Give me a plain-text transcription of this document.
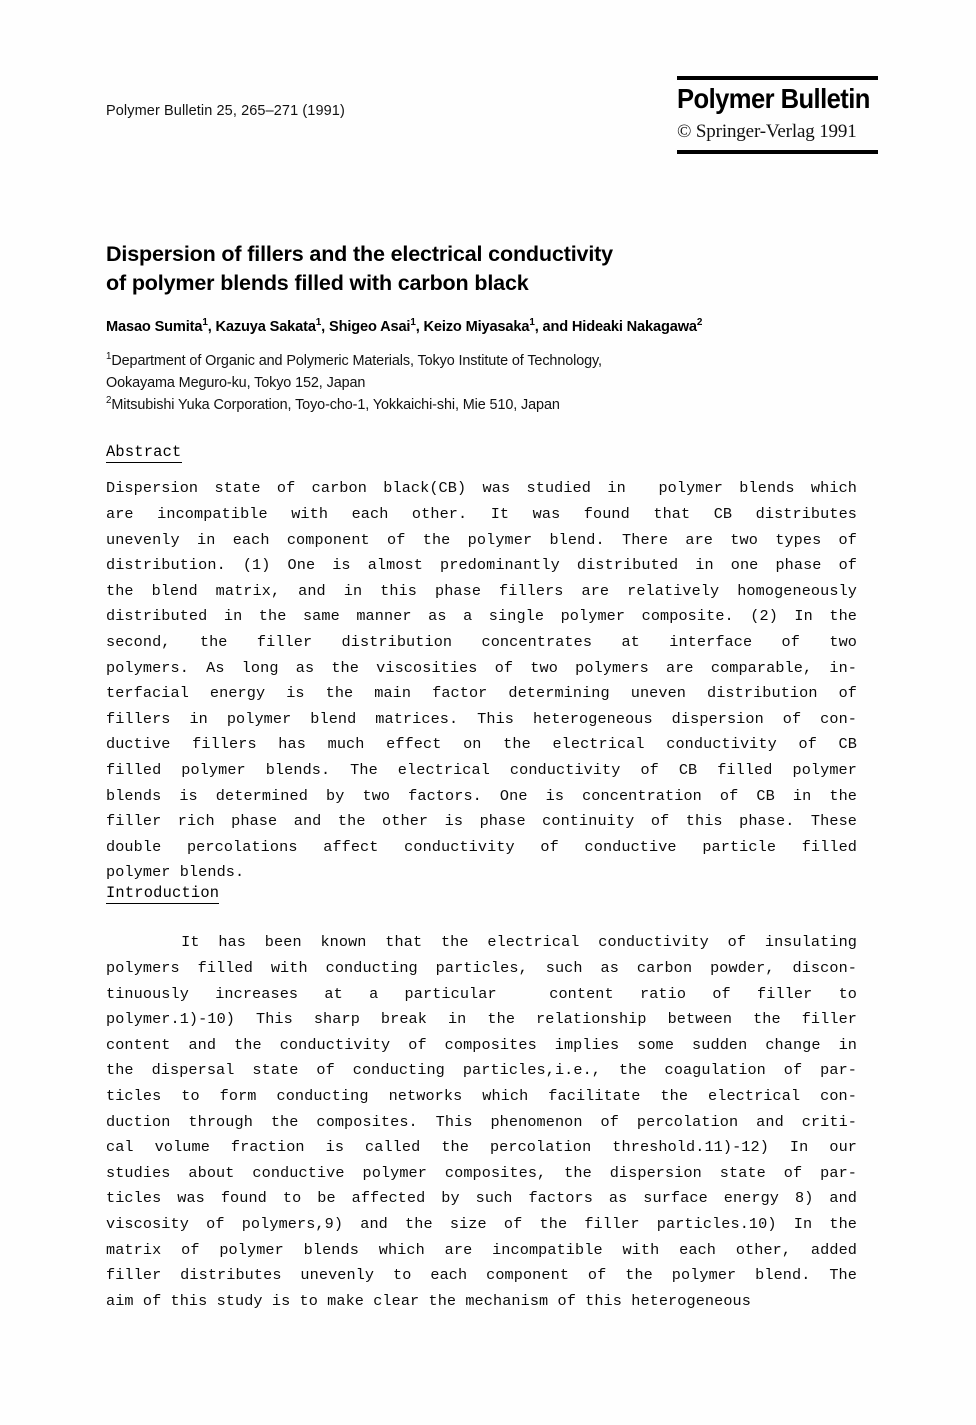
Polymer Bulletin 25, 265–271 (1991)	Polymer Bulletin
© Springer-Verlag 1991
Dispersion of fillers and the electrical conductivity
of polymer blends filled with carbon black
Masao Sumita$^1$, Kazuya Sakata$^1$, Shigeo Asai$^1$, Keizo Miyasaka$^1$, and Hideaki Nakagawa$^2$
$^1$Department of Organic and Polymeric Materials, Tokyo Institute of Technology,
Ookayama Meguro-ku, Tokyo 152, Japan
$^2$Mitsubishi Yuka Corporation, Toyo-cho-1, Yokkaichi-shi, Mie 510, Japan
Abstract
Dispersion state of carbon black(CB) was studied in  polymer blends which
are incompatible with each other. It was found that CB distributes
unevenly in each component of the polymer blend. There are two types of
distribution. (1) One is almost predominantly distributed in one phase of
the blend matrix, and in this phase fillers are relatively homogeneously
distributed in the same manner as a single polymer composite. (2) In the
second, the filler distribution concentrates at interface of two
polymers. As long as the viscosities of two polymers are comparable, in-
terfacial energy is the main factor determining uneven distribution of
fillers in polymer blend matrices. This heterogeneous dispersion of con-
ductive fillers has much effect on the electrical conductivity of CB
filled polymer blends. The electrical conductivity of CB filled polymer
blends is determined by two factors. One is concentration of CB in the
filler rich phase and the other is phase continuity of this phase. These
double percolations affect conductivity of conductive particle filled
polymer blends.
Introduction
It has been known that the electrical conductivity of insulating
polymers filled with conducting particles, such as carbon powder, discon-
tinuously increases at a particular  content ratio of filler to
polymer.1)-10) This sharp break in the relationship between the filler
content and the conductivity of composites implies some sudden change in
the dispersal state of conducting particles,i.e., the coagulation of par-
ticles to form conducting networks which facilitate the electrical con-
duction through the composites. This phenomenon of percolation and criti-
cal volume fraction is called the percolation threshold.11)-12) In our
studies about conductive polymer composites, the dispersion state of par-
ticles was found to be affected by such factors as surface energy 8) and
viscosity of polymers,9) and the size of the filler particles.10) In the
matrix of polymer blends which are incompatible with each other, added
filler distributes unevenly to each component of the polymer blend. The
aim of this study is to make clear the mechanism of this heterogeneous
